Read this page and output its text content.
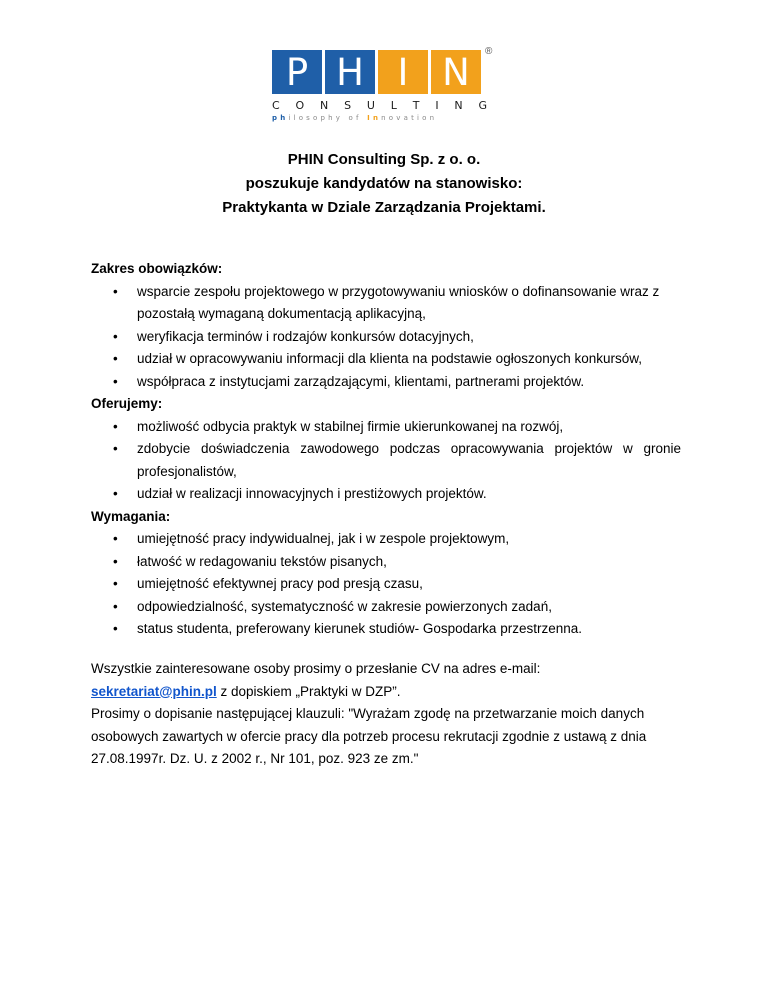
P H I N	®
C O N S U L T I N G
philosophy of Innovation
PHIN Consulting Sp. z o. o.
poszukuje kandydatów na stanowisko:
Praktykanta w Dziale Zarządzania Projektami.
Zakres obowiązków:
• wsparcie zespołu projektowego w przygotowywaniu wniosków o dofinansowanie wraz z pozostałą wymaganą dokumentacją aplikacyjną,
• weryfikacja terminów i rodzajów konkursów dotacyjnych,
• udział w opracowywaniu informacji dla klienta na podstawie ogłoszonych konkursów,
• współpraca z instytucjami zarządzającymi, klientami, partnerami projektów.
Oferujemy:
• możliwość odbycia praktyk w stabilnej firmie ukierunkowanej na rozwój,
• zdobycie doświadczenia zawodowego podczas opracowywania projektów w gronie profesjonalistów,
• udział w realizacji innowacyjnych i prestiżowych projektów.
Wymagania:
• umiejętność pracy indywidualnej, jak i w zespole projektowym,
• łatwość w redagowaniu tekstów pisanych,
• umiejętność efektywnej pracy pod presją czasu,
• odpowiedzialność, systematyczność w zakresie powierzonych zadań,
• status studenta, preferowany kierunek studiów- Gospodarka przestrzenna.
Wszystkie zainteresowane osoby prosimy o przesłanie CV na adres e-mail:
sekretariat@phin.pl z dopiskiem „Praktyki w DZP”.
Prosimy o dopisanie następującej klauzuli: "Wyrażam zgodę na przetwarzanie moich danych osobowych zawartych w ofercie pracy dla potrzeb procesu rekrutacji zgodnie z ustawą z dnia 27.08.1997r. Dz. U. z 2002 r., Nr 101, poz. 923 ze zm."
